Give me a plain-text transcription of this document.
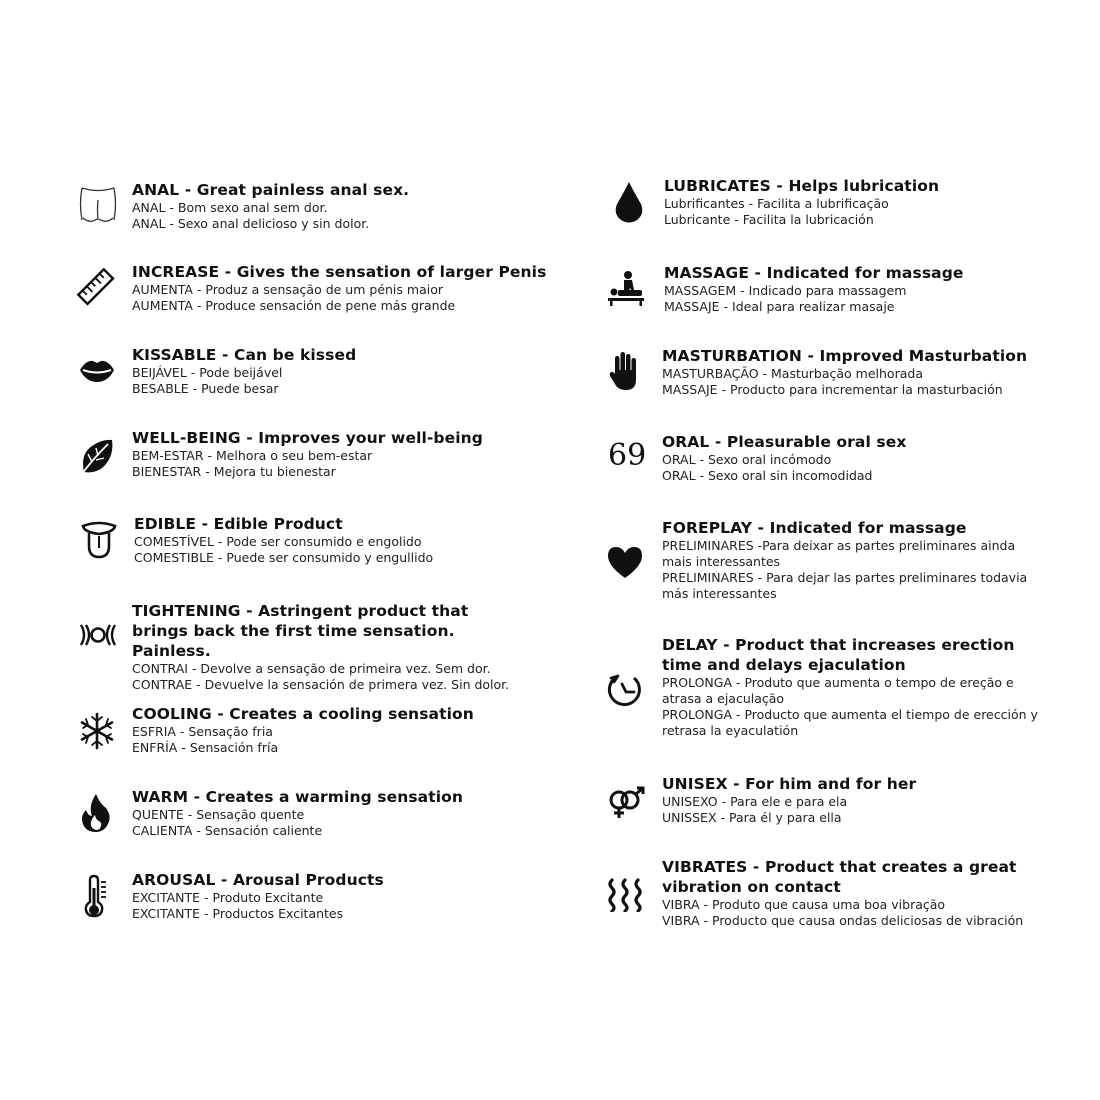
ANAL - Great painless anal sex.
ANAL - Bom sexo anal sem dor.
ANAL - Sexo anal delicioso y sin dolor.
INCREASE - Gives the sensation of larger Penis
AUMENTA - Produz a sensação de um pénis maior
AUMENTA - Produce sensación de pene más grande
KISSABLE - Can be kissed
BEIJÁVEL - Pode beijável
BESABLE - Puede besar
WELL-BEING - Improves your well-being
BEM-ESTAR - Melhora o seu bem-estar
BIENESTAR - Mejora tu bienestar
EDIBLE - Edible Product
COMESTÍVEL - Pode ser consumido e engolido
COMESTIBLE - Puede ser consumido y engullido
TIGHTENING - Astringent product that brings back the first time sensation. Painless.
CONTRAI - Devolve a sensação de primeira vez. Sem dor.
CONTRAE - Devuelve la sensación de primera vez. Sin dolor.
COOLING - Creates a cooling sensation
ESFRIA - Sensação fria
ENFRÍA - Sensación fría
WARM - Creates a warming sensation
QUENTE - Sensação quente
CALIENTA - Sensación caliente
AROUSAL - Arousal Products
EXCITANTE - Produto Excitante
EXCITANTE - Productos Excitantes
LUBRICATES - Helps lubrication
Lubrificantes - Facilita a lubrificação
Lubricante - Facilita la lubricación
MASSAGE - Indicated for massage
MASSAGEM - Indicado para massagem
MASSAJE - Ideal para realizar masaje
MASTURBATION - Improved Masturbation
MASTURBAÇÃO - Masturbação melhorada
MASSAJE - Producto para incrementar la masturbación
69 ORAL - Pleasurable oral sex
ORAL - Sexo oral incómodo
ORAL - Sexo oral sin incomodidad
FOREPLAY - Indicated for massage
PRELIMINARES -Para deixar as partes preliminares ainda mais interessantes
PRELIMINARES - Para dejar las partes preliminares todavia más interessantes
DELAY - Product that increases erection time and delays ejaculation
PROLONGA - Produto que aumenta o tempo de ereção e atrasa a ejaculação
PROLONGA - Producto que aumenta el tiempo de erección y retrasa la eyaculatión
UNISEX - For him and for her
UNISEXO - Para ele e para ela
UNISSEX - Para él y para ella
VIBRATES - Product that creates a great vibration on contact
VIBRA - Produto que causa uma boa vibração
VIBRA - Producto que causa ondas deliciosas de vibración
